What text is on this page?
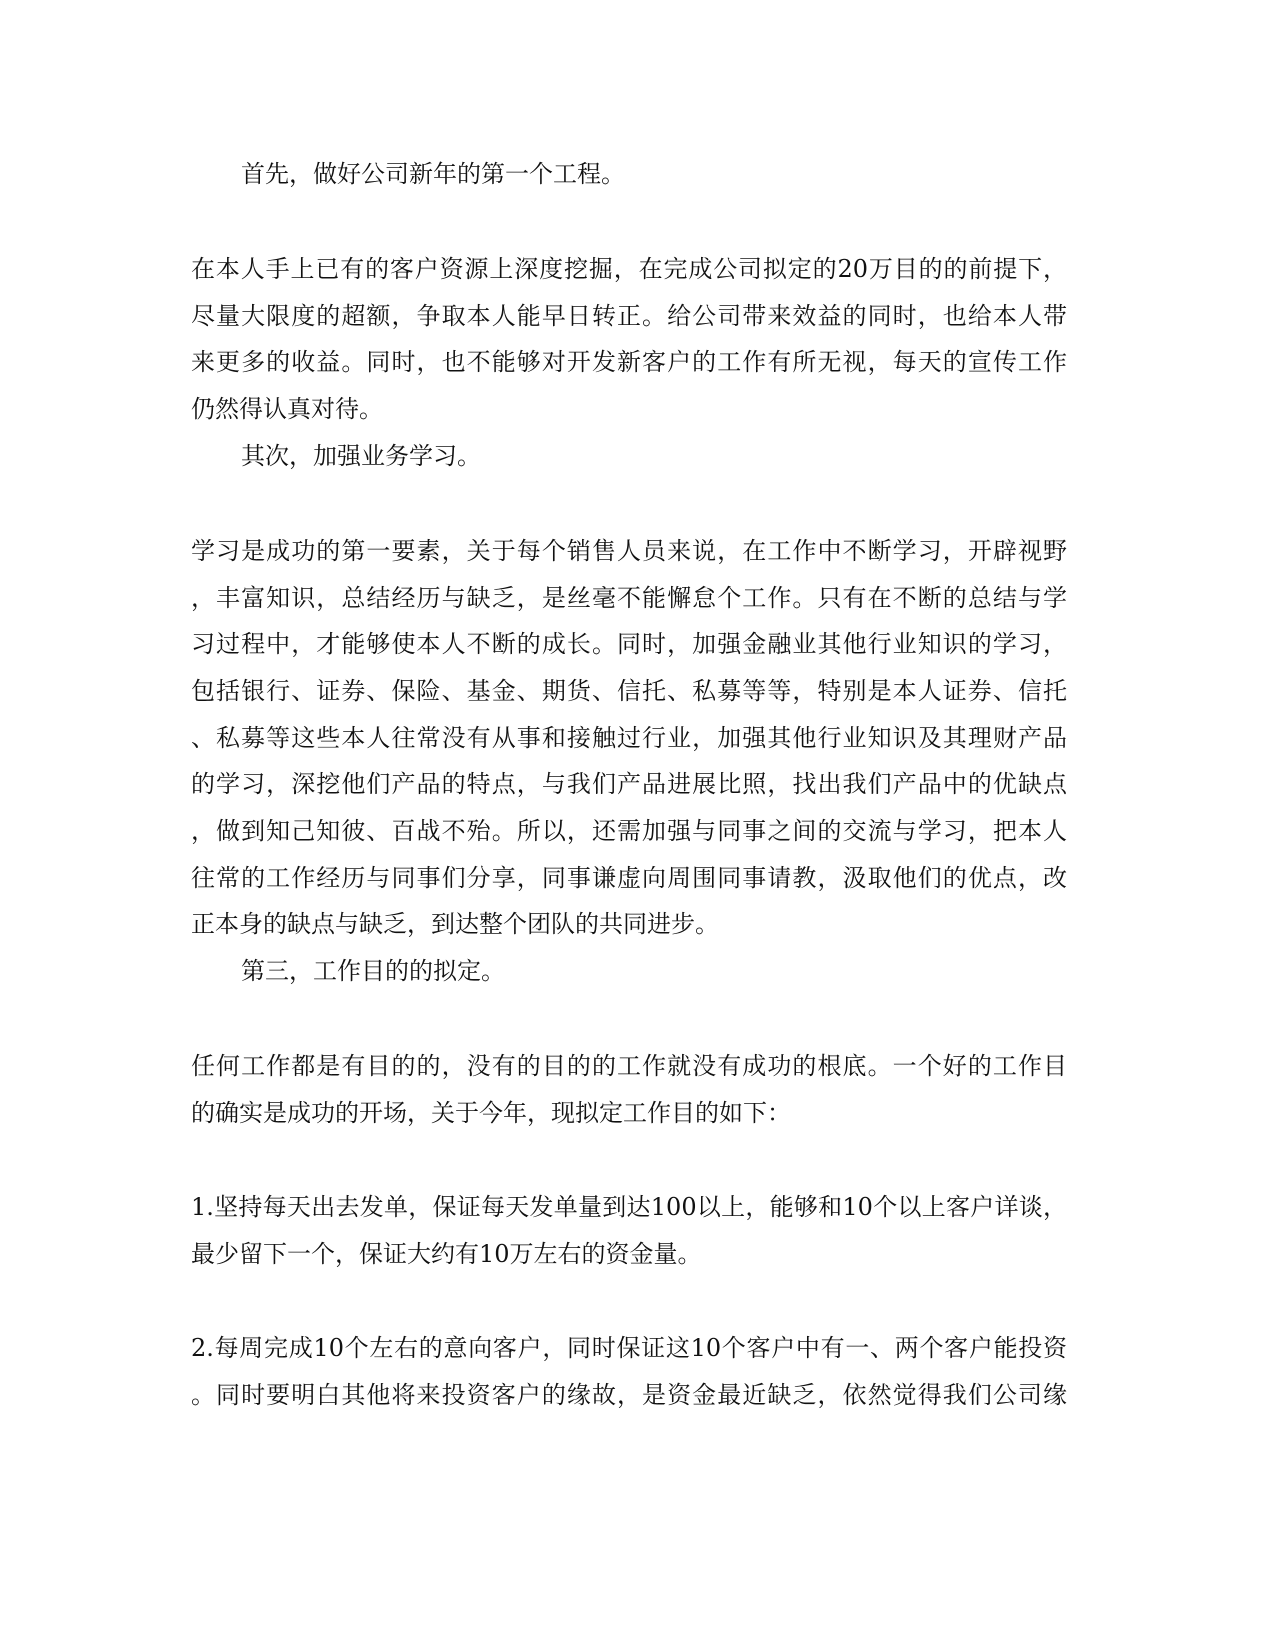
首先，做好公司新年的第一个工程。
在本人手上已有的客户资源上深度挖掘，在完成公司拟定的20万目的的前提下，
尽量大限度的超额，争取本人能早日转正。给公司带来效益的同时，也给本人带
来更多的收益。同时，也不能够对开发新客户的工作有所无视，每天的宣传工作
仍然得认真对待。
其次，加强业务学习。
学习是成功的第一要素，关于每个销售人员来说，在工作中不断学习，开辟视野
，丰富知识，总结经历与缺乏，是丝毫不能懈怠个工作。只有在不断的总结与学
习过程中，才能够使本人不断的成长。同时，加强金融业其他行业知识的学习，
包括银行、证券、保险、基金、期货、信托、私募等等，特别是本人证券、信托
、私募等这些本人往常没有从事和接触过行业，加强其他行业知识及其理财产品
的学习，深挖他们产品的特点，与我们产品进展比照，找出我们产品中的优缺点
，做到知己知彼、百战不殆。所以，还需加强与同事之间的交流与学习，把本人
往常的工作经历与同事们分享，同事谦虚向周围同事请教，汲取他们的优点，改
正本身的缺点与缺乏，到达整个团队的共同进步。
第三，工作目的的拟定。
任何工作都是有目的的，没有的目的的工作就没有成功的根底。一个好的工作目
的确实是成功的开场，关于今年，现拟定工作目的如下：
1.坚持每天出去发单，保证每天发单量到达100以上，能够和10个以上客户详谈，
最少留下一个，保证大约有10万左右的资金量。
2.每周完成10个左右的意向客户，同时保证这10个客户中有一、两个客户能投资
。同时要明白其他将来投资客户的缘故，是资金最近缺乏，依然觉得我们公司缘
